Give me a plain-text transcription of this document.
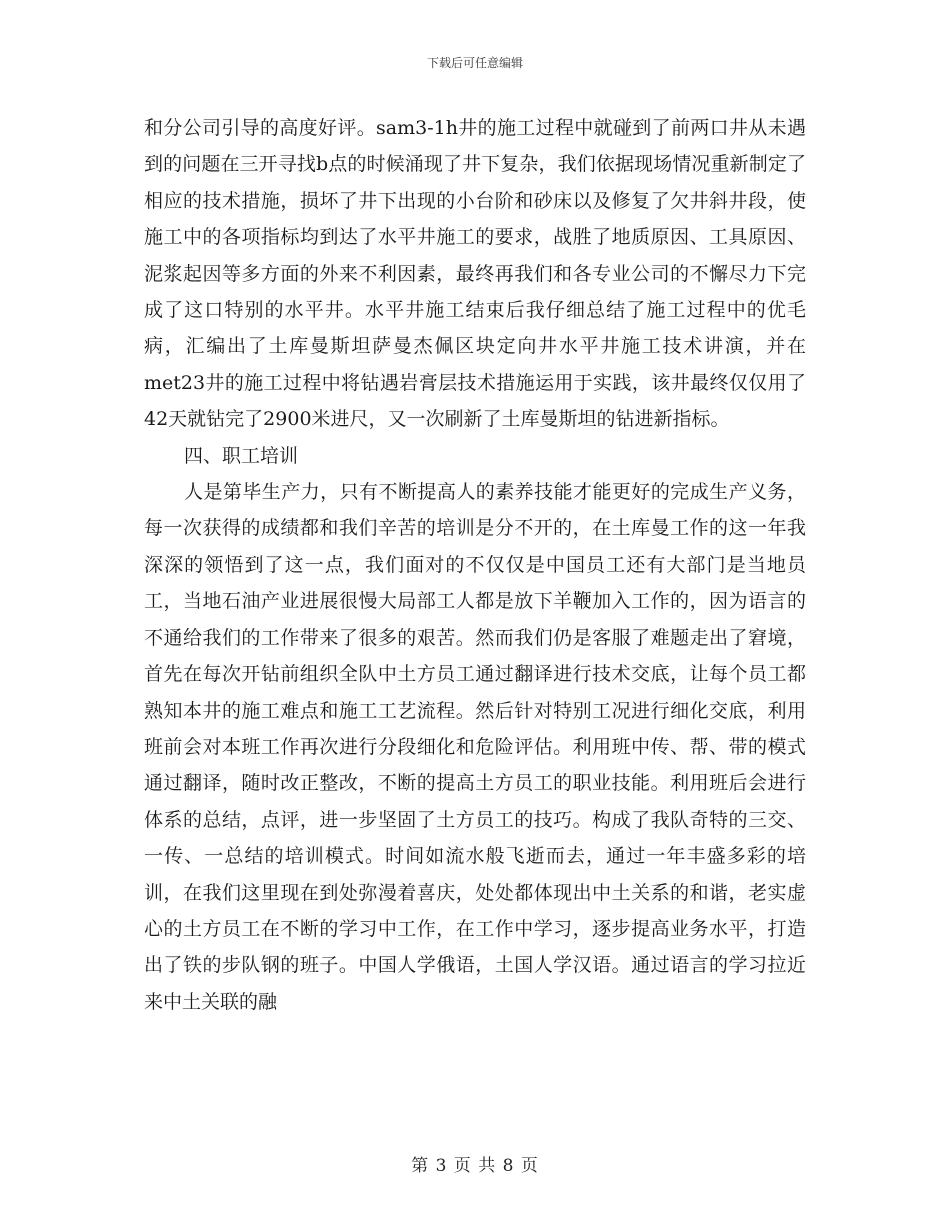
下载后可任意编辑

和分公司引导的高度好评。sam3-1h井的施工过程中就碰到了前两口井从未遇到的问题在三开寻找b点的时候涌现了井下复杂，我们依据现场情况重新制定了相应的技术措施，损坏了井下出现的小台阶和砂床以及修复了欠井斜井段，使施工中的各项指标均到达了水平井施工的要求，战胜了地质原因、工具原因、泥浆起因等多方面的外来不利因素，最终再我们和各专业公司的不懈尽力下完成了这口特别的水平井。水平井施工结束后我仔细总结了施工过程中的优毛病，汇编出了土库曼斯坦萨曼杰佩区块定向井水平井施工技术讲演，并在met23井的施工过程中将钻遇岩膏层技术措施运用于实践，该井最终仅仅用了42天就钻完了2900米进尺，又一次刷新了土库曼斯坦的钻进新指标。

四、职工培训

人是第毕生产力，只有不断提高人的素养技能才能更好的完成生产义务，每一次获得的成绩都和我们辛苦的培训是分不开的，在土库曼工作的这一年我深深的领悟到了这一点，我们面对的不仅仅是中国员工还有大部门是当地员工，当地石油产业进展很慢大局部工人都是放下羊鞭加入工作的，因为语言的不通给我们的工作带来了很多的艰苦。然而我们仍是客服了难题走出了窘境，首先在每次开钻前组织全队中土方员工通过翻译进行技术交底，让每个员工都熟知本井的施工难点和施工工艺流程。然后针对特别工况进行细化交底，利用班前会对本班工作再次进行分段细化和危险评估。利用班中传、帮、带的模式通过翻译，随时改正整改，不断的提高土方员工的职业技能。利用班后会进行体系的总结，点评，进一步坚固了土方员工的技巧。构成了我队奇特的三交、一传、一总结的培训模式。时间如流水般飞逝而去，通过一年丰盛多彩的培训，在我们这里现在到处弥漫着喜庆，处处都体现出中土关系的和谐，老实虚心的土方员工在不断的学习中工作，在工作中学习，逐步提高业务水平，打造出了铁的步队钢的班子。中国人学俄语，土国人学汉语。通过语言的学习拉近来中土关联的融

第 3 页 共 8 页
